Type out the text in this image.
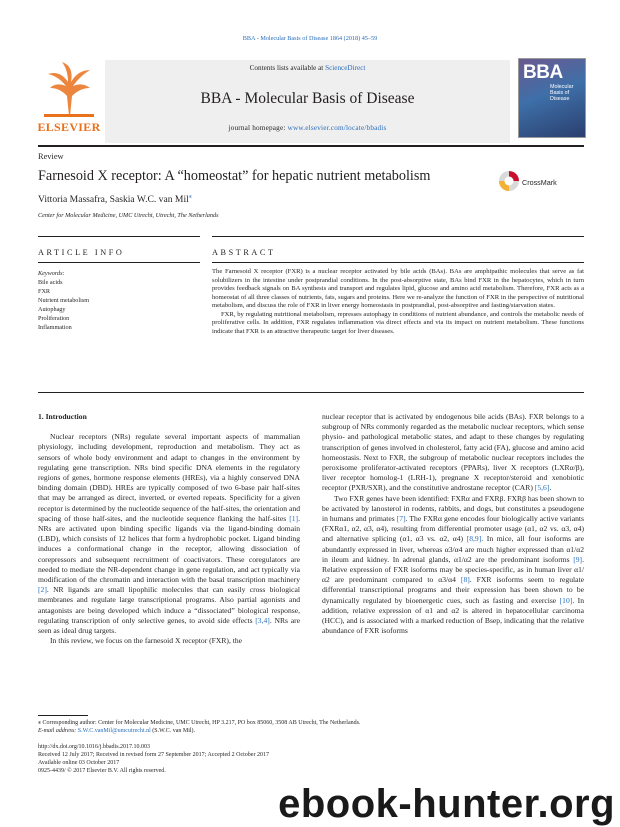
BBA - Molecular Basis of Disease 1864 (2018) 45–59
ELSEVIER
Contents lists available at ScienceDirect
BBA - Molecular Basis of Disease
journal homepage: www.elsevier.com/locate/bbadis
BBA
Molecular
Basis of
Disease
Review
Farnesoid X receptor: A “homeostat” for hepatic nutrient metabolism	CrossMark
Vittoria Massafra, Saskia W.C. van Mil⁎
Center for Molecular Medicine, UMC Utrecht, Utrecht, The Netherlands
ARTICLE INFO	ABSTRACT
Keywords:
Bile acids
FXR
Nutrient metabolism
Autophagy
Proliferation
Inflammation

The Farnesoid X receptor (FXR) is a nuclear receptor activated by bile acids (BAs). BAs are amphipathic molecules that serve as fat solubilizers in the intestine under postprandial conditions. In the post-absorptive state, BAs bind FXR in the hepatocytes, which in turn provides feedback signals on BA synthesis and transport and regulates lipid, glucose and amino acid metabolism. Therefore, FXR acts as a homeostat of all three classes of nutrients, fats, sugars and proteins. Here we re-analyze the function of FXR in the perspective of nutritional metabolism, and discuss the role of FXR in liver energy homeostasis in postprandial, post-absorptive and fasting/starvation states.

FXR, by regulating nutritional metabolism, represses autophagy in conditions of nutrient abundance, and controls the metabolic needs of proliferative cells. In addition, FXR regulates inflammation via direct effects and via its impact on nutrient metabolism. These functions indicate that FXR is an attractive therapeutic target for liver diseases.

1. Introduction

Nuclear receptors (NRs) regulate several important aspects of mammalian physiology, including development, reproduction and metabolism. They act as sensors of whole body environment and adapt to changes in the environment by regulating gene transcription. NRs bind specific DNA elements in the regulatory regions of genes, hormone response elements (HREs), via a highly conserved DNA binding domain (DBD). HREs are typically composed of two 6-base pair half-sites that may be arranged as direct, inverted, or everted repeats. Specificity for a given receptor is determined by the nucleotide sequence of the half-sites, the orientation and spacing of those half-sites, and the nucleotide sequence flanking the half-sites [1]. NRs are activated upon binding specific ligands via the ligand-binding domain (LBD), which consists of 12 helices that form a hydrophobic pocket. Ligand binding induces a conformational change in the receptor, allowing dissociation of corepressors and subsequent recruitment of coactivators. These coregulators are needed to mediate the NR-dependent change in gene regulation, and act typically via modification of the chromatin and interaction with the basal transcription machinery [2]. NR ligands are small lipophilic molecules that can easily cross biological membranes and regulate large transcriptional programs. Also partial agonists and antagonists are being developed which induce a “dissociated” biological response, regulating transcription of only selective genes, to avoid side effects [3,4]. NRs are seen as ideal drug targets.

In this review, we focus on the farnesoid X receptor (FXR), the

nuclear receptor that is activated by endogenous bile acids (BAs). FXR belongs to a subgroup of NRs commonly regarded as the metabolic nuclear receptors, which sense physio- and pathological metabolic states, and adapt to these changes by regulating transcription of genes involved in cholesterol, fatty acid (FA), glucose and amino acid homeostasis. Next to FXR, the subgroup of metabolic nuclear receptors includes the peroxisome proliferator-activated receptors (PPARs), liver X receptors (LXRα/β), liver receptor homolog-1 (LRH-1), pregnane X receptor/steroid and xenobiotic receptor (PXR/SXR), and the constitutive androstane receptor (CAR) [5,6].

Two FXR genes have been identified: FXRα and FXRβ. FXRβ has been shown to be activated by lanosterol in rodents, rabbits, and dogs, but constitutes a pseudogene in humans and primates [7]. The FXRα gene encodes four biologically active variants (FXRα1, α2, α3, α4), resulting from differential promoter usage (α1, α2 vs. α3, α4) and alternative splicing (α1, α3 vs. α2, α4) [8,9]. In mice, all four isoforms are abundantly expressed in liver, whereas α3/α4 are much higher expressed than α1/α2 in ileum and kidney. In adrenal glands, α1/α2 are the predominant isoforms [9]. Relative expression of FXR isoforms may be species-specific, as in human liver α1/α2 are predominant compared to α3/α4 [8]. FXR isoforms seem to regulate differential transcriptional programs and their expression has been shown to be dynamically regulated by bioenergetic cues, such as fasting and exercise [10]. In addition, relative expression of α1 and α2 is altered in hepatocellular carcinoma (HCC), and is associated with a marked reduction of Bsep, indicating that the relative abundance of FXR isoforms

⁎ Corresponding author: Center for Molecular Medicine, UMC Utrecht, HP 3.217, PO box 85060, 3508 AB Utrecht, The Netherlands.
E-mail address: S.W.C.vanMil@umcutrecht.nl (S.W.C. van Mil).
http://dx.doi.org/10.1016/j.bbadis.2017.10.003
Received 12 July 2017; Received in revised form 27 September 2017; Accepted 2 October 2017
Available online 03 October 2017
0925-4439/ © 2017 Elsevier B.V. All rights reserved.
ebook-hunter.org
